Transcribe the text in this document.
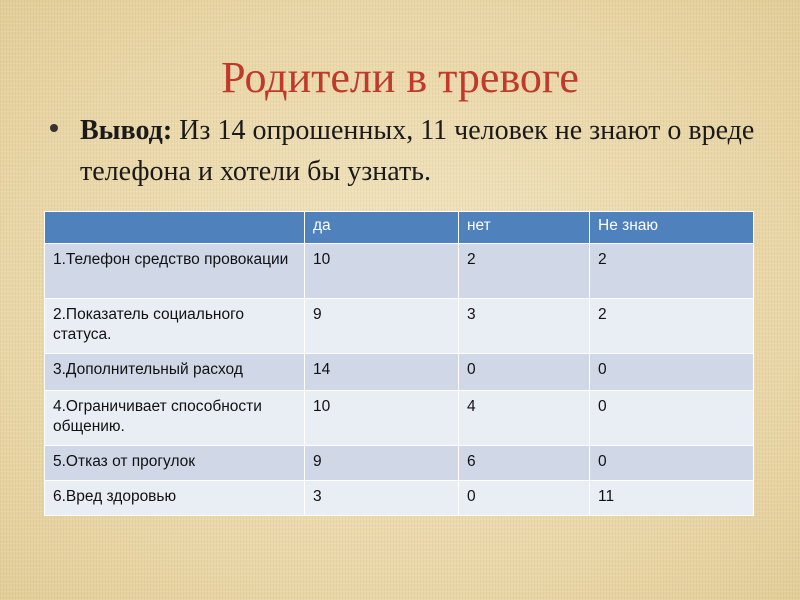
Родители в тревоге
Вывод: Из 14 опрошенных, 11 человек не знают о вреде телефона и хотели бы узнать.
	да	нет	Не знаю
1.Телефон средство провокации	10	2	2
2.Показатель социального статуса.	9	3	2
3.Дополнительный расход	14	0	0
4.Ограничивает способности общению.	10	4	0
5.Отказ от прогулок	9	6	0
6.Вред здоровью	3	0	11
